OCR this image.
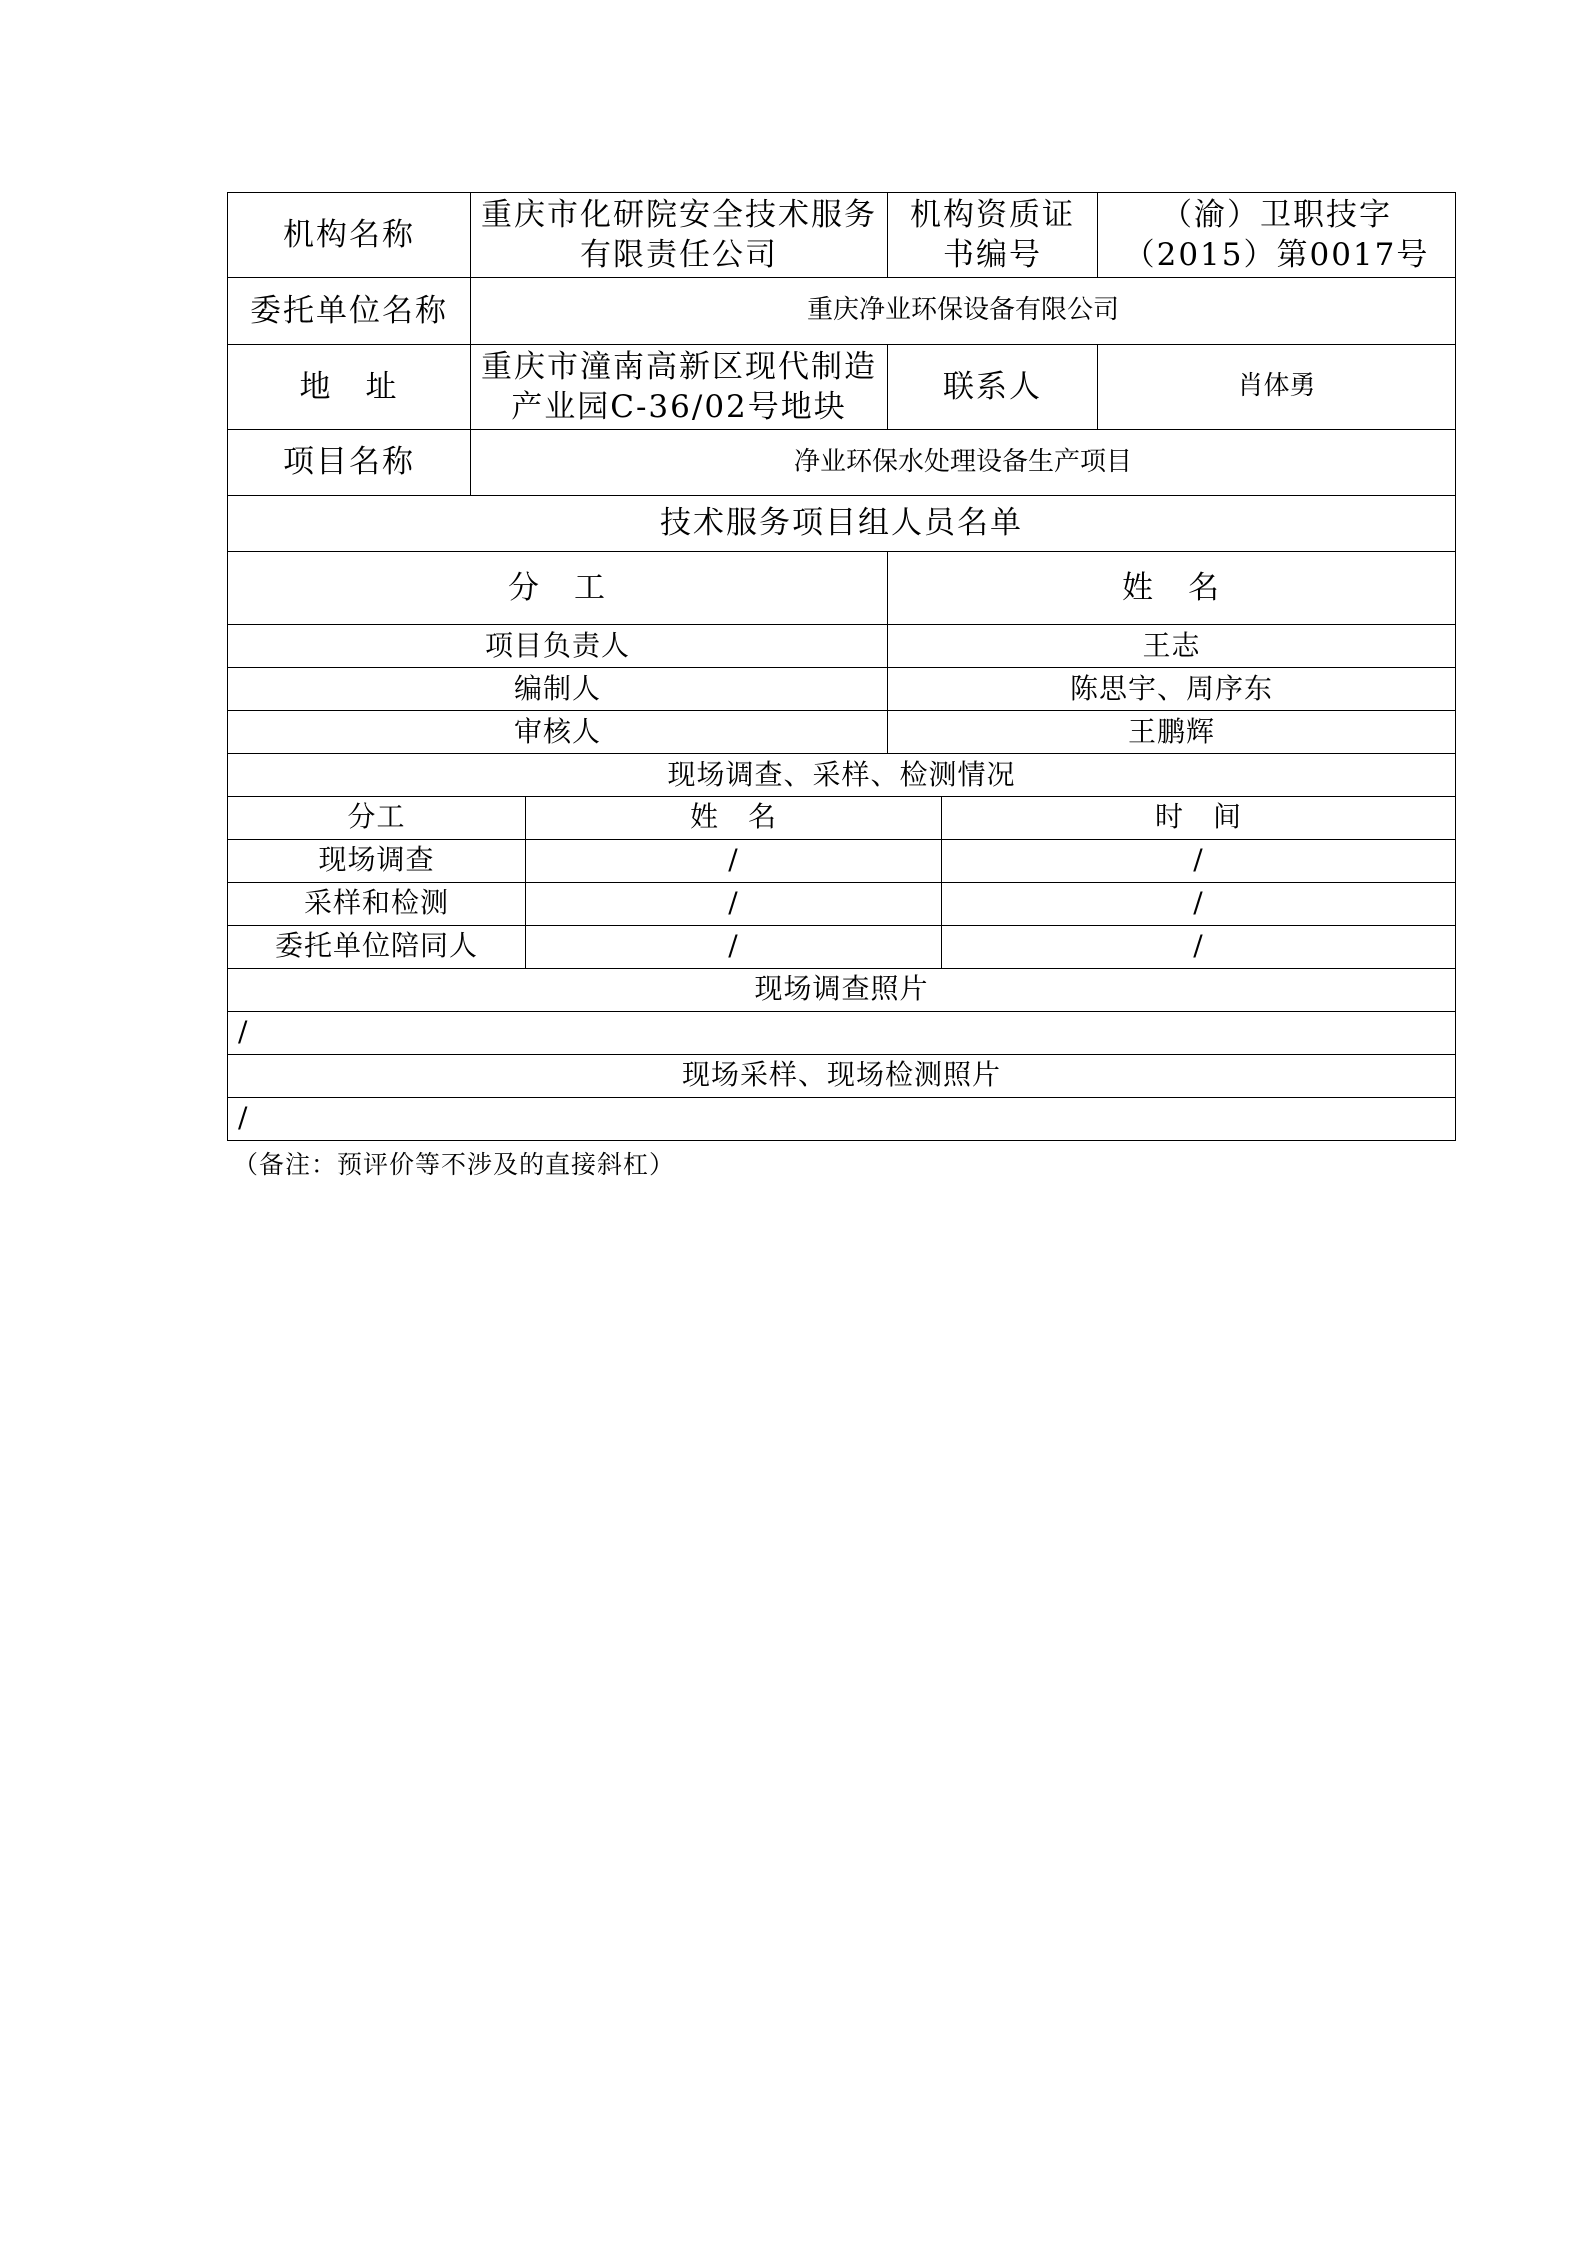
机构名称	重庆市化研院安全技术服务有限责任公司	机构资质证书编号	（渝）卫职技字（2015）第0017号
委托单位名称	重庆净业环保设备有限公司		
地　址	重庆市潼南高新区现代制造产业园C-36/02号地块	联系人	肖体勇
项目名称	净业环保水处理设备生产项目		
技术服务项目组人员名单			
分　工		姓　名	
项目负责人		王志	
编制人		陈思宇、周序东	
审核人		王鹏辉	
现场调查、采样、检测情况			
分工	姓　名	时　间
现场调查	/	/
采样和检测	/	/
委托单位陪同人	/	/
现场调查照片		
/		
现场采样、现场检测照片		
/		
（备注：预评价等不涉及的直接斜杠）
